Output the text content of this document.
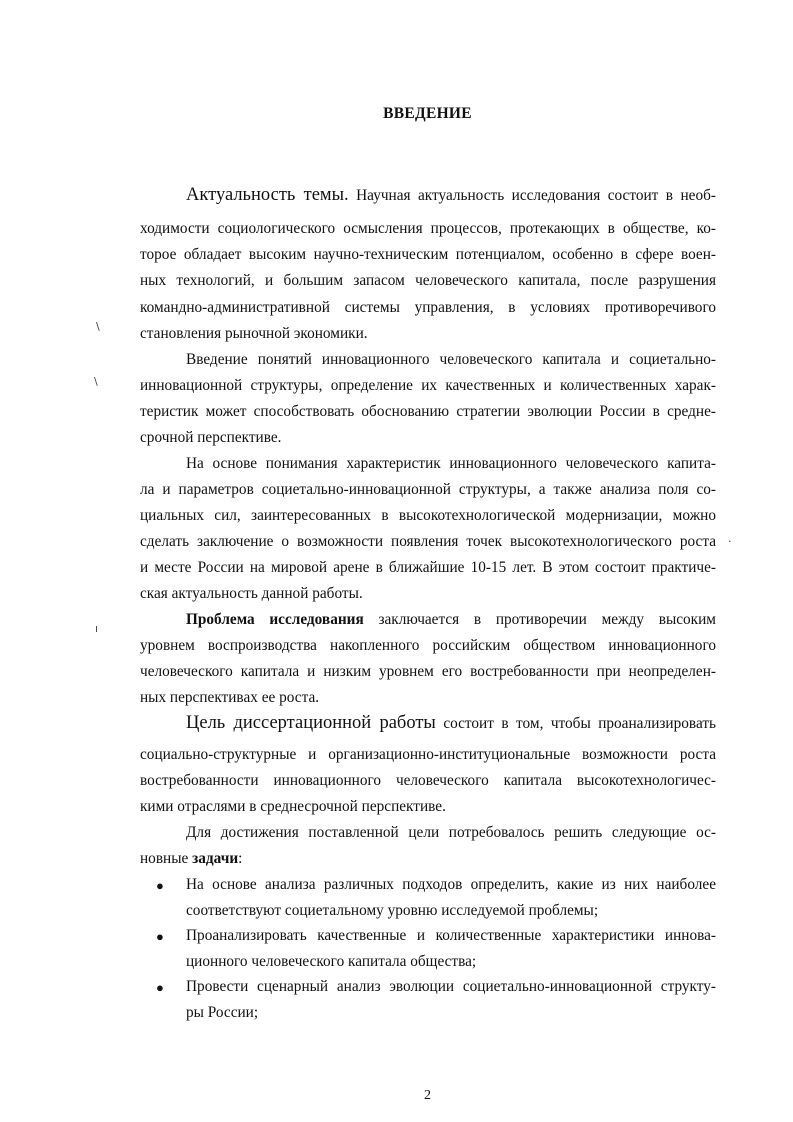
ВВЕДЕНИЕ
Актуальность темы. Научная актуальность исследования состоит в необ-
ходимости социологического осмысления процессов, протекающих в обществе, ко-
торое обладает высоким научно-техническим потенциалом, особенно в сфере воен-
ных технологий, и большим запасом человеческого капитала, после разрушения
командно-административной системы управления, в условиях противоречивого
становления рыночной экономики.
Введение понятий инновационного человеческого капитала и социетально-
инновационной структуры, определение их качественных и количественных харак-
теристик может способствовать обоснованию стратегии эволюции России в средне-
срочной перспективе.
На основе понимания характеристик инновационного человеческого капита-
ла и параметров социетально-инновационной структуры, а также анализа поля со-
циальных сил, заинтересованных в высокотехнологической модернизации, можно
сделать заключение о возможности появления точек высокотехнологического роста
и месте России на мировой арене в ближайшие 10-15 лет. В этом состоит практиче-
ская актуальность данной работы.
Проблема исследования заключается в противоречии между высоким
уровнем воспроизводства накопленного российским обществом инновационного
человеческого капитала и низким уровнем его востребованности при неопределен-
ных перспективах ее роста.
Цель диссертационной работы состоит в том, чтобы проанализировать
социально-структурные и организационно-институциональные возможности роста
востребованности инновационного человеческого капитала высокотехнологичес-
кими отраслями в среднесрочной перспективе.
Для достижения поставленной цели потребовалось решить следующие ос-
новные задачи:
● На основе анализа различных подходов определить, какие из них наиболее
соответствуют социетальному уровню исследуемой проблемы;
● Проанализировать качественные и количественные характеристики иннова-
ционного человеческого капитала общества;
● Провести сценарный анализ эволюции социетально-инновационной структу-
ры России;
2
\
\
ı
·
